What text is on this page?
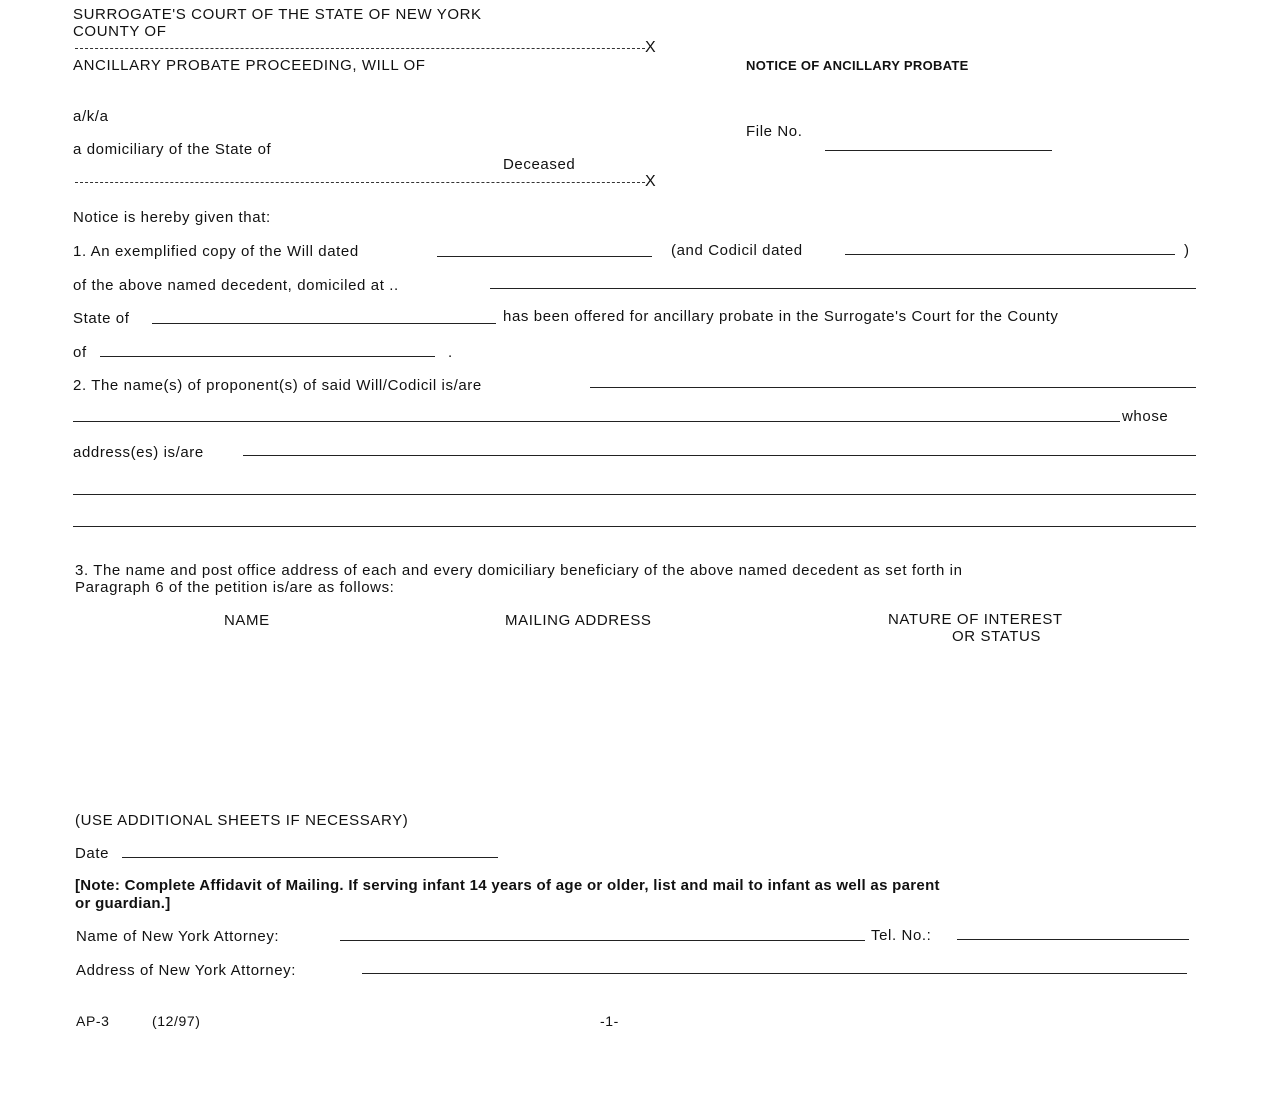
SURROGATE'S COURT OF THE STATE OF NEW YORK
COUNTY OF
X
ANCILLARY PROBATE PROCEEDING, WILL OF
a/k/a
a domiciliary of the State of
Deceased
X
NOTICE OF ANCILLARY PROBATE
File No.
Notice is hereby given that:
1. An exemplified copy of the Will dated	(and Codicil dated	)
of the above named decedent, domiciled at ..
State of	has been offered for ancillary probate in the Surrogate's Court for the County
of	.
2. The name(s) of proponent(s) of said Will/Codicil is/are
whose
address(es) is/are
3. The name and post office address of each and every domiciliary beneficiary of the above named decedent as set forth in
Paragraph 6 of the petition is/are as follows:
NAME	MAILING ADDRESS	NATURE OF INTEREST
OR STATUS
(USE ADDITIONAL SHEETS IF NECESSARY)
Date
[Note: Complete Affidavit of Mailing. If serving infant 14 years of age or older, list and mail to infant as well as parent
or guardian.]
Name of New York Attorney:	Tel. No.:
Address of New York Attorney:
AP-3	(12/97)	-1-
